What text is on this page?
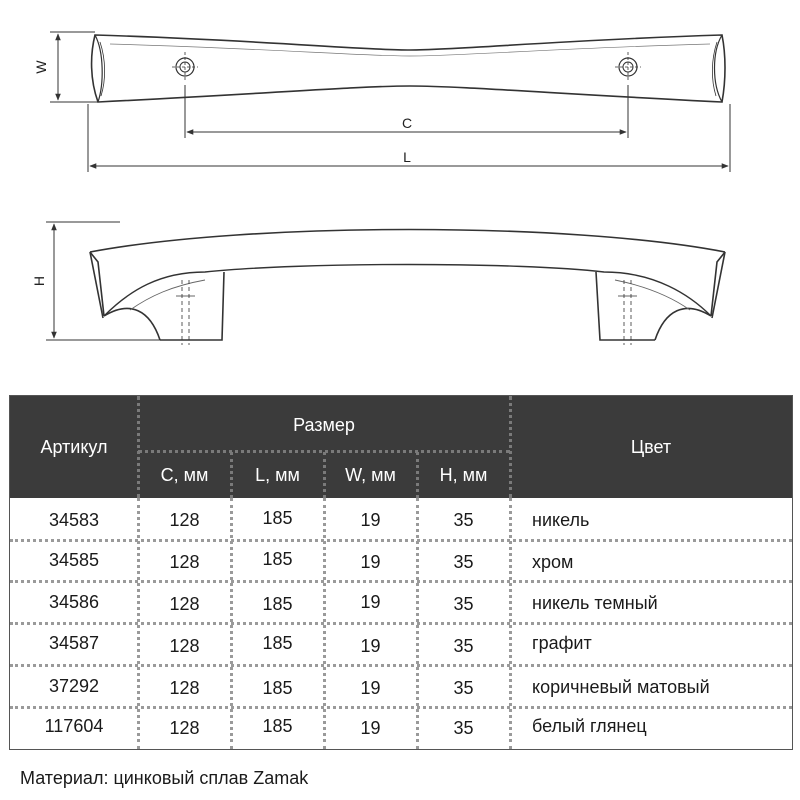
W
C
L
H
Артикул
Размер
Цвет
C, мм	L, мм	W, мм	H, мм
34583	128	185	19	35	никель
34585	128	185	19	35	хром
34586	128	185	19	35	никель темный
34587	128	185	19	35	графит
37292	128	185	19	35	коричневый матовый
117604	128	185	19	35	белый глянец
Материал: цинковый сплав Zamak
